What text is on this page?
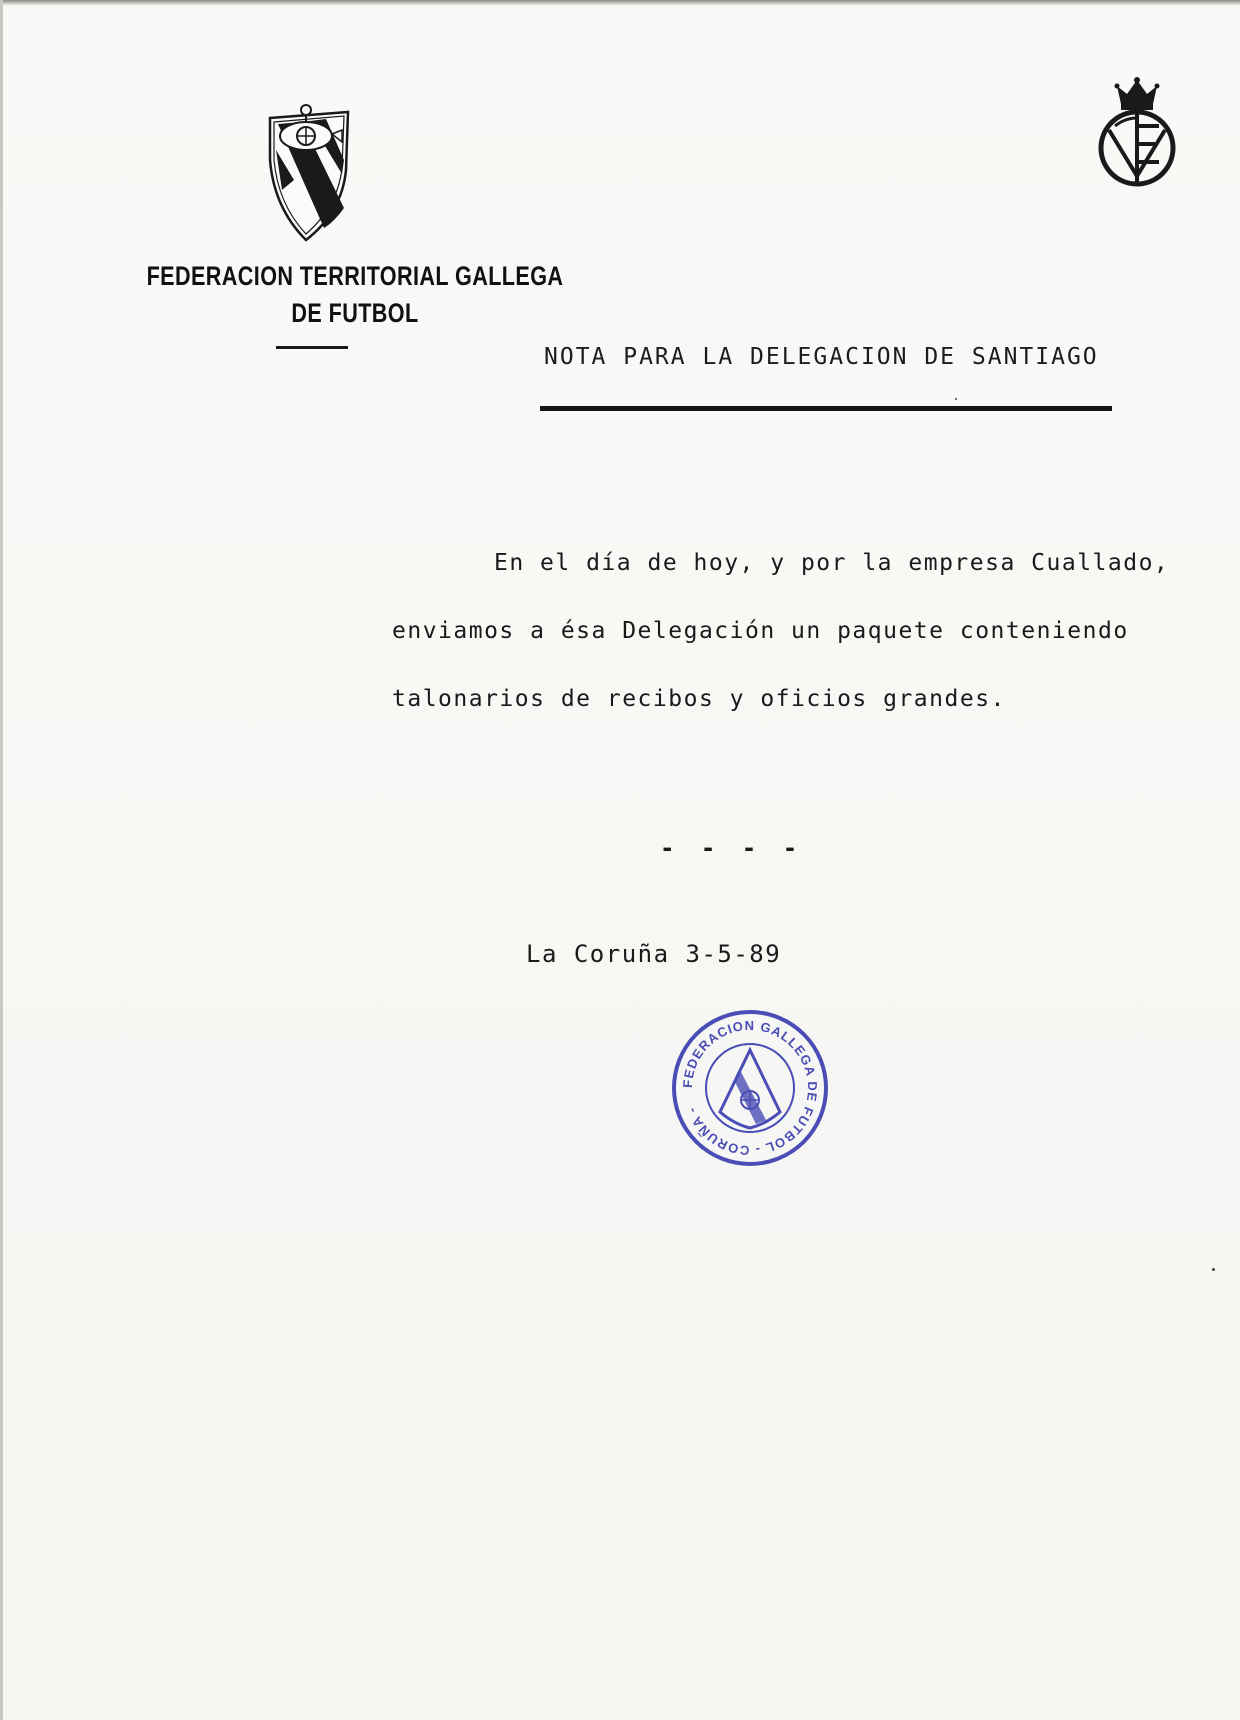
FEDERACION TERRITORIAL GALLEGA
DE FUTBOL
NOTA PARA LA DELEGACION DE SANTIAGO
En el día de hoy, y por la empresa Cuallado,
enviamos a ésa Delegación un paquete conteniendo
talonarios de recibos y oficios grandes.
- - - -
La Coruña 3-5-89
FEDERACION GALLEGA DE FUTBOL - CORUÑA -
